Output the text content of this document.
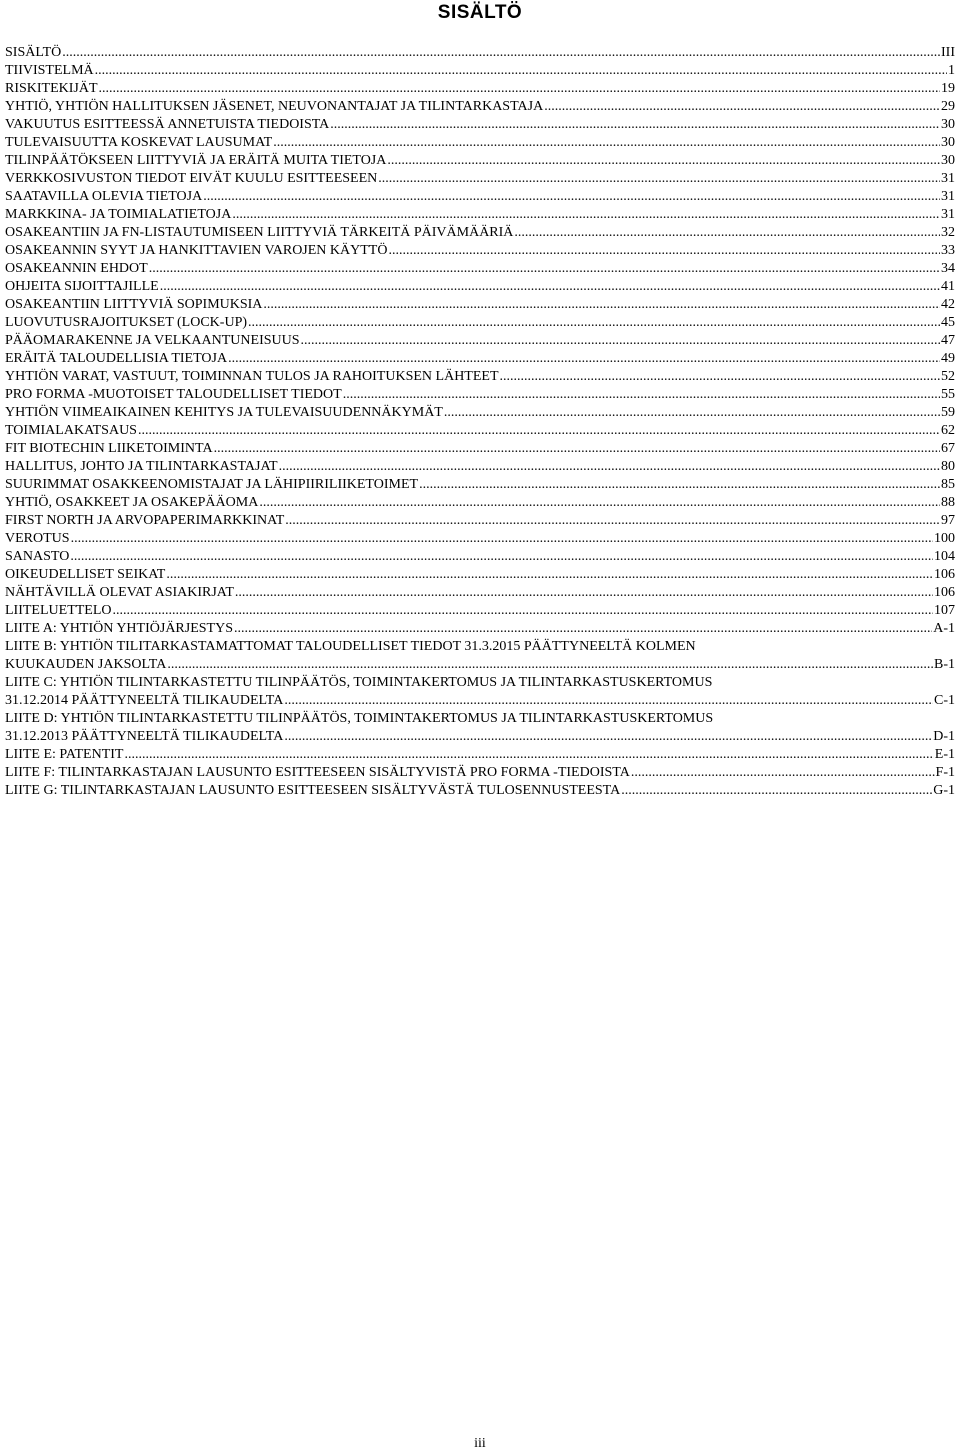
SISÄLTÖ
SISÄLTÖ .....	III
TIIVISTELMÄ .....	1
RISKITEKIJÄT .....	19
YHTIÖ, YHTIÖN HALLITUKSEN JÄSENET, NEUVONANTAJAT JA TILINTARKASTAJA .....	29
VAKUUTUS ESITTEESSÄ ANNETUISTA TIEDOISTA .....	30
TULEVAISUUTTA KOSKEVAT LAUSUMAT .....	30
TILINPÄÄTÖKSEEN LIITTYVIÄ JA ERÄITÄ MUITA TIETOJA .....	30
VERKKOSIVUSTON TIEDOT EIVÄT KUULU ESITTEESEEN .....	31
SAATAVILLA OLEVIA TIETOJA .....	31
MARKKINA- JA TOIMIALATIETOJA .....	31
OSAKEANTIIN JA FN-LISTAUTUMISEEN LIITTYVIÄ TÄRKEITÄ PÄIVÄMÄÄRIÄ .....	32
OSAKEANNIN SYYT JA HANKITTAVIEN VAROJEN KÄYTTÖ .....	33
OSAKEANNIN EHDOT .....	34
OHJEITA SIJOITTAJILLE .....	41
OSAKEANTIIN LIITTYVIÄ SOPIMUKSIA .....	42
LUOVUTUSRAJOITUKSET (LOCK-UP) .....	45
PÄÄOMARAKENNE JA VELKAANTUNEISUUS .....	47
ERÄITÄ TALOUDELLISIA TIETOJA .....	49
YHTIÖN VARAT, VASTUUT, TOIMINNAN TULOS JA RAHOITUKSEN LÄHTEET .....	52
PRO FORMA -MUOTOISET TALOUDELLISET TIEDOT .....	55
YHTIÖN VIIMEAIKAINEN KEHITYS JA TULEVAISUUDENNÄKYMÄT .....	59
TOIMIALAKATSAUS .....	62
FIT BIOTECHIN LIIKETOIMINTA .....	67
HALLITUS, JOHTO JA TILINTARKASTAJAT .....	80
SUURIMMAT OSAKKEENOMISTAJAT JA LÄHIPIIRILIIKETOIMET .....	85
YHTIÖ, OSAKKEET JA OSAKEPÄÄOMA .....	88
FIRST NORTH JA ARVOPAPERIMARKKINAT .....	97
VEROTUS .....	100
SANASTO .....	104
OIKEUDELLISET SEIKAT .....	106
NÄHTÄVILLÄ OLEVAT ASIAKIRJAT .....	106
LIITELUETTELO .....	107
LIITE A: YHTIÖN YHTIÖJÄRJESTYS .....	A-1
LIITE B: YHTIÖN TILITARKASTAMATTOMAT TALOUDELLISET TIEDOT 31.3.2015 PÄÄTTYNEELTÄ KOLMEN
KUUKAUDEN JAKSOLTA .....	B-1
LIITE C: YHTIÖN TILINTARKASTETTU TILINPÄÄTÖS, TOIMINTAKERTOMUS JA TILINTARKASTUSKERTOMUS
31.12.2014 PÄÄTTYNEELTÄ TILIKAUDELTA .....	C-1
LIITE D: YHTIÖN TILINTARKASTETTU TILINPÄÄTÖS, TOIMINTAKERTOMUS JA TILINTARKASTUSKERTOMUS
31.12.2013 PÄÄTTYNEELTÄ TILIKAUDELTA .....	D-1
LIITE E: PATENTIT .....	E-1
LIITE F: TILINTARKASTAJAN LAUSUNTO ESITTEESEEN SISÄLTYVISTÄ PRO FORMA -TIEDOISTA .....	F-1
LIITE G: TILINTARKASTAJAN LAUSUNTO ESITTEESEEN SISÄLTYVÄSTÄ TULOSENNUSTEESTA .....	G-1
iii
